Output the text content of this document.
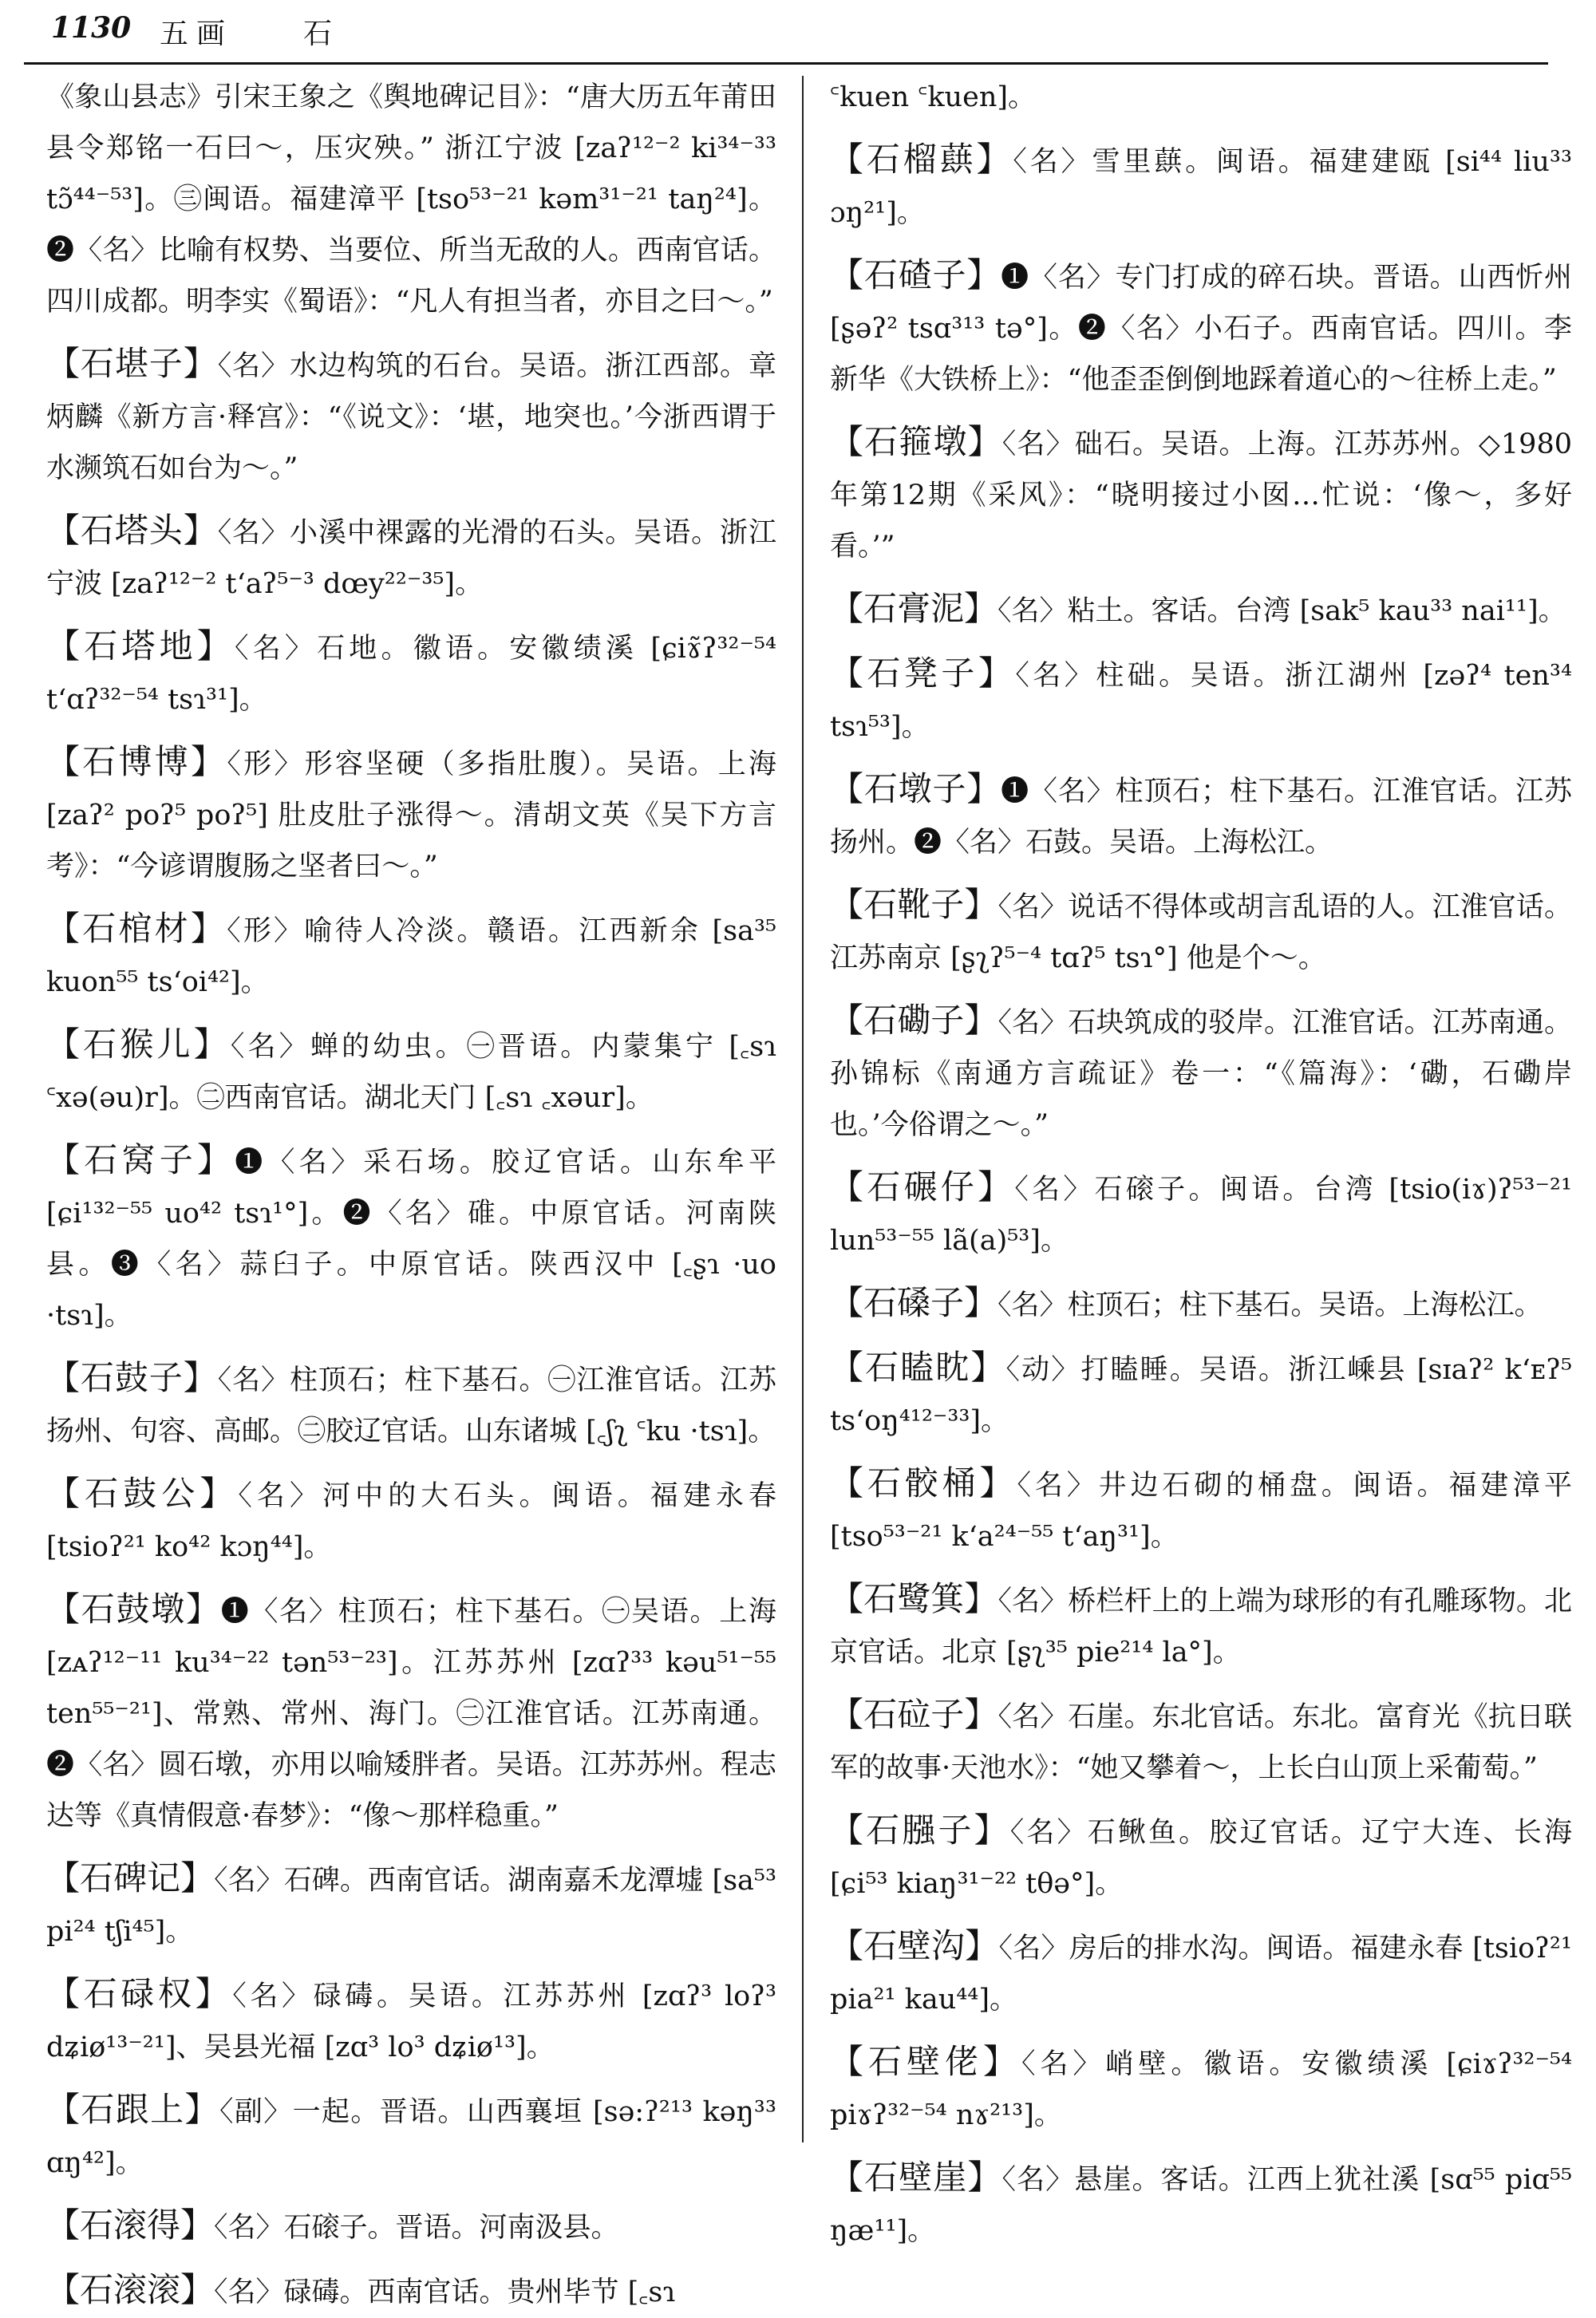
1130 五画 石

《象山县志》引宋王象之《舆地碑记目》：“唐大历五年莆田县令郑铭一石曰～，压灾殃。” 浙江宁波 [zaʔ¹²⁻² ki³⁴⁻³³ tɔ̃⁴⁴⁻⁵³]。㊂闽语。福建漳平 [tso⁵³⁻²¹ kəm³¹⁻²¹ taŋ²⁴]。❷〈名〉比喻有权势、当要位、所当无敌的人。西南官话。四川成都。明李实《蜀语》：“凡人有担当者，亦目之曰～。”

【石堪子】〈名〉水边构筑的石台。吴语。浙江西部。章炳麟《新方言·释宫》：“《说文》：‘堪，地突也。’今浙西谓于水濒筑石如台为～。”

【石塔头】〈名〉小溪中裸露的光滑的石头。吴语。浙江宁波 [zaʔ¹²⁻² t‘aʔ⁵⁻³ dœy²²⁻³⁵]。

【石塔地】〈名〉石地。徽语。安徽绩溪 [ɕiɤ̃ʔ³²⁻⁵⁴ t‘ɑʔ³²⁻⁵⁴ tsɿ³¹]。

【石博博】〈形〉形容坚硬（多指肚腹）。吴语。上海 [zaʔ² poʔ⁵ poʔ⁵] 肚皮肚子涨得～。清胡文英《吴下方言考》：“今谚谓腹肠之坚者曰～。”

【石棺材】〈形〉喻待人冷淡。赣语。江西新余 [sa³⁵ kuon⁵⁵ ts‘oi⁴²]。

【石猴儿】〈名〉蝉的幼虫。㊀晋语。内蒙集宁 [꜀sɿ ꜂xə(əu)r]。㊁西南官话。湖北天门 [꜀sɿ ꜀xəur]。

【石窝子】❶〈名〉采石场。胶辽官话。山东牟平 [ɕi¹³²⁻⁵⁵ uo⁴² tsɿ¹°]。❷〈名〉碓。中原官话。河南陕县。❸〈名〉蒜臼子。中原官话。陕西汉中 [꜀ʂɿ ·uo ·tsɿ]。

【石鼓子】〈名〉柱顶石；柱下基石。㊀江淮官话。江苏扬州、句容、高邮。㊁胶辽官话。山东诸城 [꜀ʃʅ ꜂ku ·tsɿ]。

【石鼓公】〈名〉河中的大石头。闽语。福建永春 [tsioʔ²¹ ko⁴² kɔŋ⁴⁴]。

【石鼓墩】❶〈名〉柱顶石；柱下基石。㊀吴语。上海 [zᴀʔ¹²⁻¹¹ ku³⁴⁻²² tən⁵³⁻²³]。江苏苏州 [zɑʔ³³ kəu⁵¹⁻⁵⁵ ten⁵⁵⁻²¹]、常熟、常州、海门。㊁江淮官话。江苏南通。❷〈名〉圆石墩，亦用以喻矮胖者。吴语。江苏苏州。程志达等《真情假意·春梦》：“像～那样稳重。”

【石碑记】〈名〉石碑。西南官话。湖南嘉禾龙潭墟 [sa⁵³ pi²⁴ tʃi⁴⁵]。

【石碌权】〈名〉碌碡。吴语。江苏苏州 [zɑʔ³ loʔ³ dʑiø¹³⁻²¹]、吴县光福 [zɑ³ lo³ dʑiø¹³]。

【石跟上】〈副〉一起。晋语。山西襄垣 [sə:ʔ²¹³ kəŋ³³ ɑŋ⁴²]。

【石滚得】〈名〉石磙子。晋语。河南汲县。

【石滚滚】〈名〉碌碡。西南官话。贵州毕节 [꜀sɿ

꜂kuen ꜂kuen]。

【石榴蕻】〈名〉雪里蕻。闽语。福建建瓯 [si⁴⁴ liu³³ ɔŋ²¹]。

【石碴子】❶〈名〉专门打成的碎石块。晋语。山西忻州 [ʂəʔ² tsɑ³¹³ tə°]。❷〈名〉小石子。西南官话。四川。李新华《大铁桥上》：“他歪歪倒倒地踩着道心的～往桥上走。”

【石箍墩】〈名〉础石。吴语。上海。江苏苏州。◇1980年第12期《采风》：“晓明接过小囡…忙说：‘像～，多好看。’”

【石膏泥】〈名〉粘土。客话。台湾 [sak⁵ kau³³ nai¹¹]。

【石凳子】〈名〉柱础。吴语。浙江湖州 [zəʔ⁴ ten³⁴ tsɿ⁵³]。

【石墩子】❶〈名〉柱顶石；柱下基石。江淮官话。江苏扬州。❷〈名〉石鼓。吴语。上海松江。

【石靴子】〈名〉说话不得体或胡言乱语的人。江淮官话。江苏南京 [ʂʅʔ⁵⁻⁴ tɑʔ⁵ tsɿ°] 他是个～。

【石磡子】〈名〉石块筑成的驳岸。江淮官话。江苏南通。孙锦标《南通方言疏证》卷一：“《篇海》：‘磡，石磡岸也。’今俗谓之～。”

【石碾仔】〈名〉石磙子。闽语。台湾 [tsio(iɤ)ʔ⁵³⁻²¹ lun⁵³⁻⁵⁵ lã(a)⁵³]。

【石磉子】〈名〉柱顶石；柱下基石。吴语。上海松江。

【石瞌眈】〈动〉打瞌睡。吴语。浙江嵊县 [sɪaʔ² k‘ᴇʔ⁵ ts‘oŋ⁴¹²⁻³³]。

【石骹桶】〈名〉井边石砌的桶盘。闽语。福建漳平 [tso⁵³⁻²¹ k‘a²⁴⁻⁵⁵ t‘aŋ³¹]。

【石鹭箕】〈名〉桥栏杆上的上端为球形的有孔雕琢物。北京官话。北京 [ʂʅ³⁵ pie²¹⁴ la°]。

【石砬子】〈名〉石崖。东北官话。东北。富育光《抗日联军的故事·天池水》：“她又攀着～，上长白山顶上采葡萄。”

【石膙子】〈名〉石鳅鱼。胶辽官话。辽宁大连、长海 [ɕi⁵³ kiaŋ³¹⁻²² tθə°]。

【石壁沟】〈名〉房后的排水沟。闽语。福建永春 [tsioʔ²¹ pia²¹ kau⁴⁴]。

【石壁佬】〈名〉峭壁。徽语。安徽绩溪 [ɕiɤʔ³²⁻⁵⁴ piɤʔ³²⁻⁵⁴ nɤ²¹³]。

【石壁崖】〈名〉悬崖。客话。江西上犹社溪 [sɑ⁵⁵ piɑ⁵⁵ ŋæ¹¹]。
